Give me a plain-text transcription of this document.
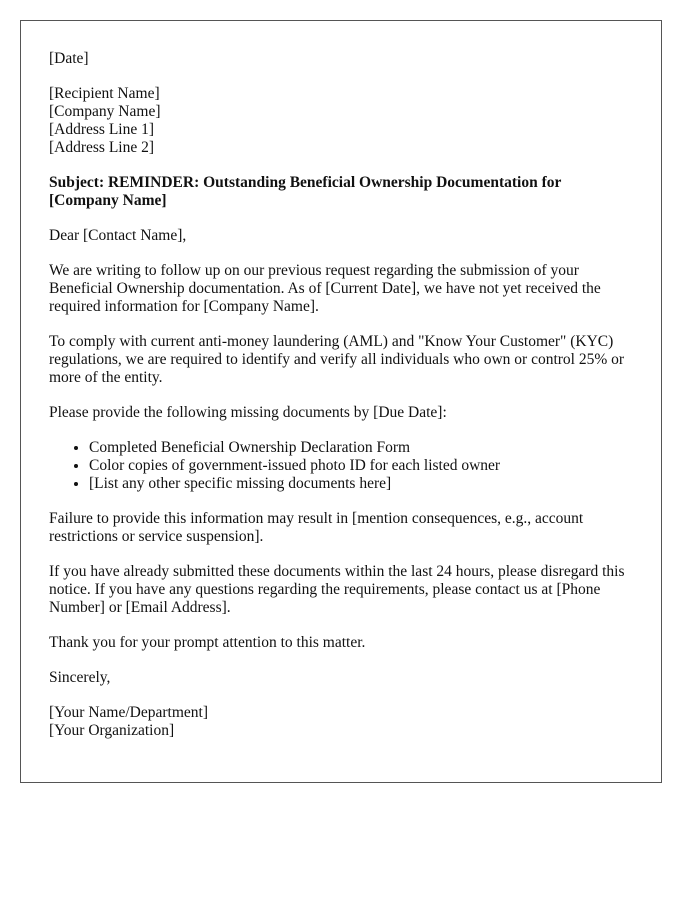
[Date]

[Recipient Name]
[Company Name]
[Address Line 1]
[Address Line 2]

Subject: REMINDER: Outstanding Beneficial Ownership Documentation for [Company Name]

Dear [Contact Name],

We are writing to follow up on our previous request regarding the submission of your Beneficial Ownership documentation. As of [Current Date], we have not yet received the required information for [Company Name].

To comply with current anti-money laundering (AML) and "Know Your Customer" (KYC) regulations, we are required to identify and verify all individuals who own or control 25% or more of the entity.

Please provide the following missing documents by [Due Date]:

• Completed Beneficial Ownership Declaration Form
• Color copies of government-issued photo ID for each listed owner
• [List any other specific missing documents here]

Failure to provide this information may result in [mention consequences, e.g., account restrictions or service suspension].

If you have already submitted these documents within the last 24 hours, please disregard this notice. If you have any questions regarding the requirements, please contact us at [Phone Number] or [Email Address].

Thank you for your prompt attention to this matter.

Sincerely,

[Your Name/Department]
[Your Organization]
